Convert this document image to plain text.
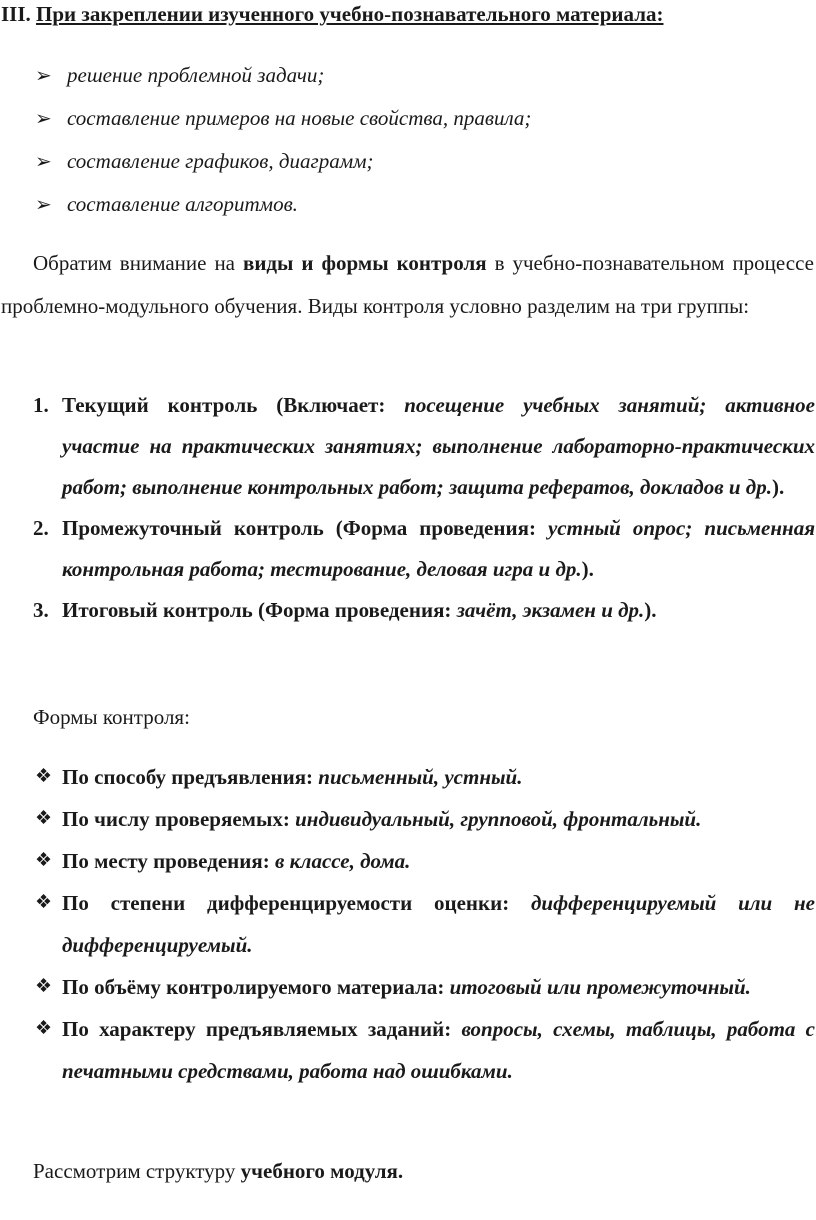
III. При закреплении изученного учебно-познавательного материала:
➢ решение проблемной задачи;
➢ составление примеров на новые свойства, правила;
➢ составление графиков, диаграмм;
➢ составление алгоритмов.

Обратим внимание на виды и формы контроля в учебно-познавательном процессе проблемно-модульного обучения. Виды контроля условно разделим на три группы:

1. Текущий контроль (Включает: посещение учебных занятий; активное участие на практических занятиях; выполнение лабораторно-практических работ; выполнение контрольных работ; защита рефератов, докладов и др.).
2. Промежуточный контроль (Форма проведения: устный опрос; письменная контрольная работа; тестирование, деловая игра и др.).
3. Итоговый контроль (Форма проведения: зачёт, экзамен и др.).

Формы контроля:

❖ По способу предъявления: письменный, устный.
❖ По числу проверяемых: индивидуальный, групповой, фронтальный.
❖ По месту проведения: в классе, дома.
❖ По степени дифференцируемости оценки: дифференцируемый или не дифференцируемый.
❖ По объёму контролируемого материала: итоговый или промежуточный.
❖ По характеру предъявляемых заданий: вопросы, схемы, таблицы, работа с печатными средствами, работа над ошибками.

Рассмотрим структуру учебного модуля.
